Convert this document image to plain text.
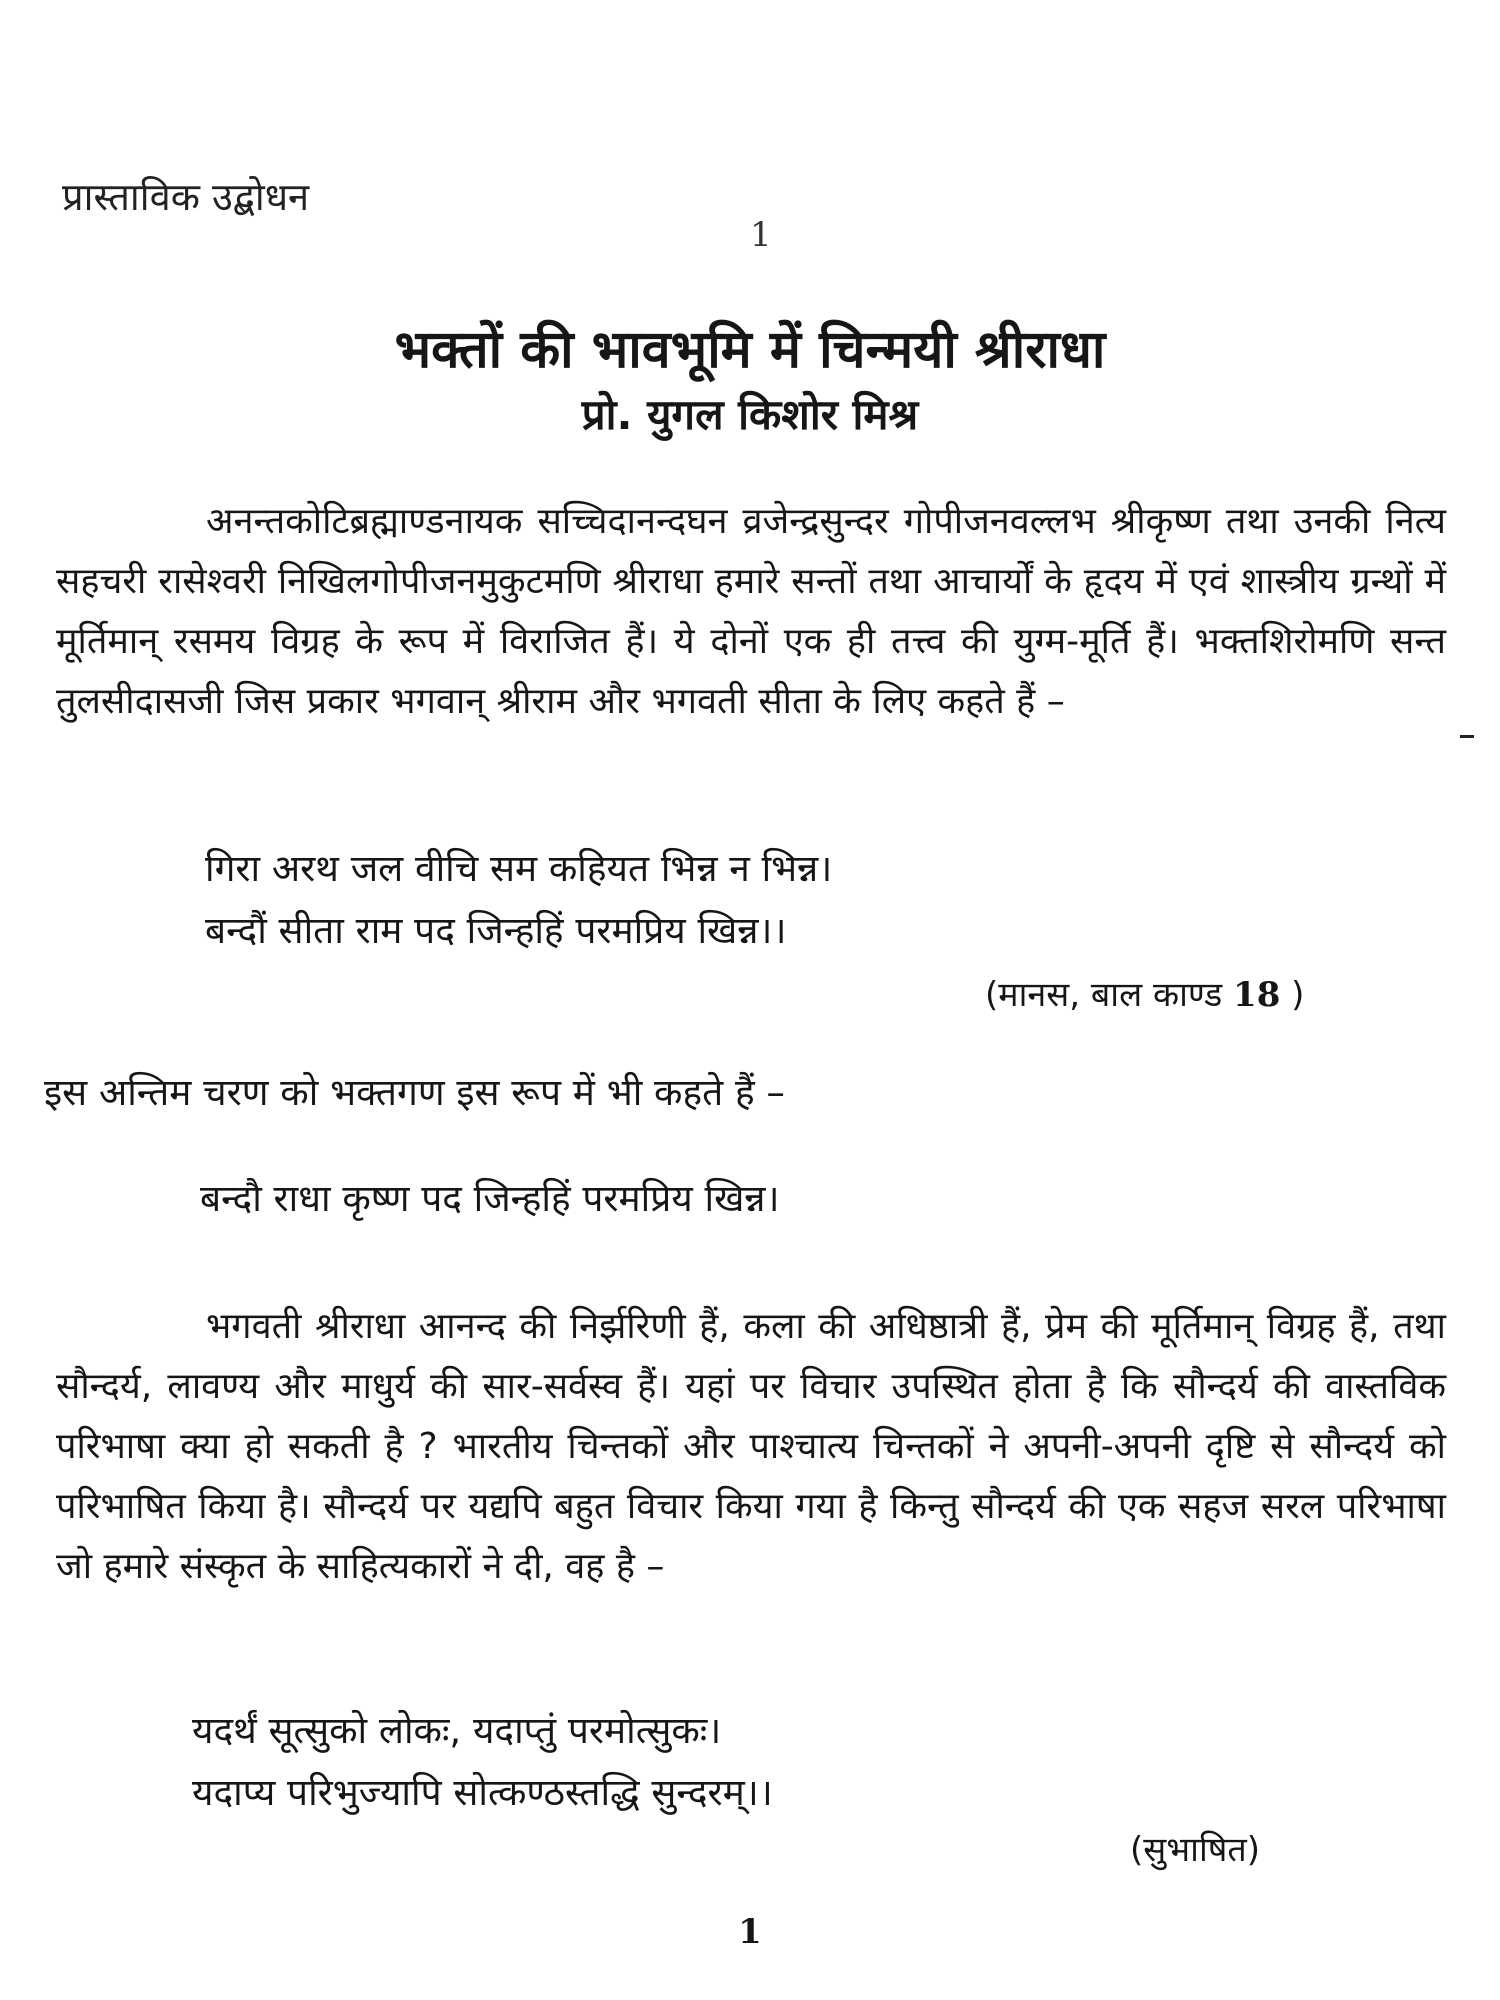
प्रास्ताविक उद्बोधन
1
भक्तों की भावभूमि में चिन्मयी श्रीराधा
प्रो. युगल किशोर मिश्र
अनन्तकोटिब्रह्माण्डनायक सच्चिदानन्दघन व्रजेन्द्रसुन्दर गोपीजनवल्लभ श्रीकृष्ण तथा उनकी नित्य सहचरी रासेश्वरी निखिलगोपीजनमुकुटमणि श्रीराधा हमारे सन्तों तथा आचार्यों के हृदय में एवं शास्त्रीय ग्रन्थों में मूर्तिमान् रसमय विग्रह के रूप में विराजित हैं। ये दोनों एक ही तत्त्व की युग्म-मूर्ति हैं। भक्तशिरोमणि सन्त तुलसीदासजी जिस प्रकार भगवान् श्रीराम और भगवती सीता के लिए कहते हैं –
गिरा अरथ जल वीचि सम कहियत भिन्न न भिन्न।
बन्दौं सीता राम पद जिन्हहिं परमप्रिय खिन्न।।
(मानस, बाल काण्ड 18 )
इस अन्तिम चरण को भक्तगण इस रूप में भी कहते हैं –
बन्दौ राधा कृष्ण पद जिन्हहिं परमप्रिय खिन्न।
भगवती श्रीराधा आनन्द की निर्झरिणी हैं, कला की अधिष्ठात्री हैं, प्रेम की मूर्तिमान् विग्रह हैं, तथा सौन्दर्य, लावण्य और माधुर्य की सार-सर्वस्व हैं। यहां पर विचार उपस्थित होता है कि सौन्दर्य की वास्तविक परिभाषा क्या हो सकती है ? भारतीय चिन्तकों और पाश्चात्य चिन्तकों ने अपनी-अपनी दृष्टि से सौन्दर्य को परिभाषित किया है। सौन्दर्य पर यद्यपि बहुत विचार किया गया है किन्तु सौन्दर्य की एक सहज सरल परिभाषा जो हमारे संस्कृत के साहित्यकारों ने दी, वह है –
यदर्थं सूत्सुको लोकः, यदाप्तुं परमोत्सुकः।
यदाप्य परिभुज्यापि सोत्कण्ठस्तद्धि सुन्दरम्।।
(सुभाषित)
1
